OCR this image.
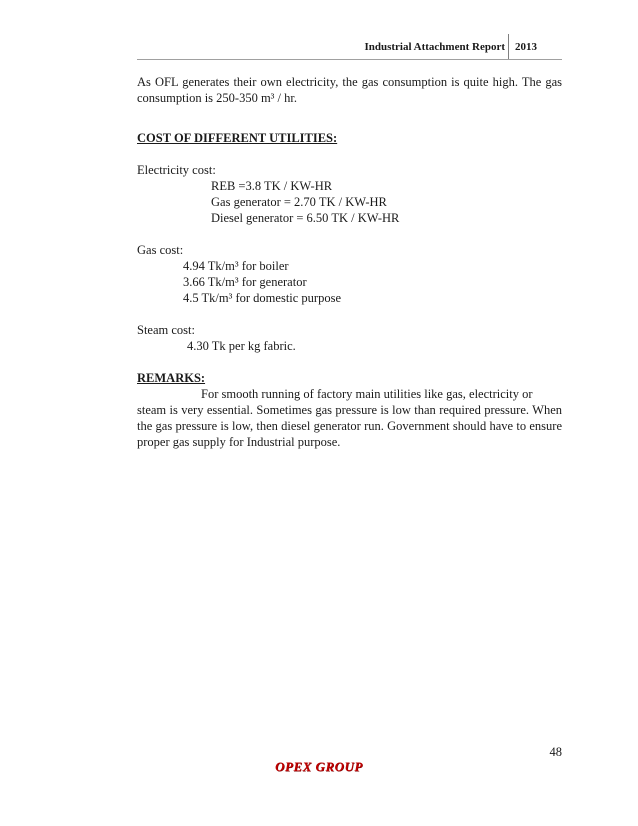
Industrial Attachment Report 2013

As OFL generates their own electricity, the gas consumption is quite high. The gas consumption is 250-350 m³ / hr.

COST OF DIFFERENT UTILITIES:

Electricity cost:

REB =3.8 TK / KW-HR

Gas generator = 2.70 TK / KW-HR

Diesel generator = 6.50 TK / KW-HR

Gas cost:

4.94 Tk/m³ for boiler

3.66 Tk/m³ for generator

4.5 Tk/m³ for domestic purpose

Steam cost:

4.30 Tk per kg fabric.

REMARKS:

For smooth running of factory main utilities like gas, electricity or

steam is very essential. Sometimes gas pressure is low than required pressure. When the gas pressure is low, then diesel generator run. Government should have to ensure proper gas supply for Industrial purpose.

48
OPEX GROUP
